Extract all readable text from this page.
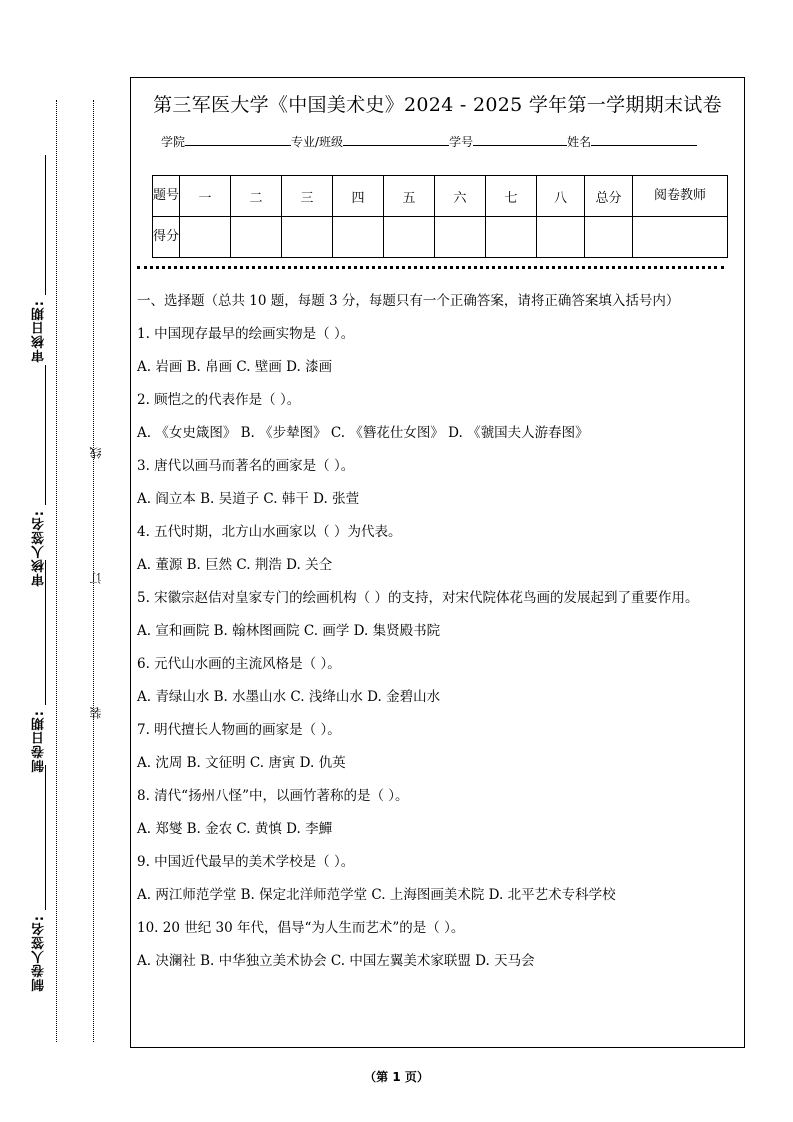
审核日期:
审核人签名:
制卷日期:
制卷人签名:
线
订
装
第三军医大学《中国美术史》2024 - 2025 学年第一学期期末试卷
学院	专业/班级	学号	姓名
题号	一	二	三	四	五	六	七	八	总分	阅卷教师
得分										

一、选择题（总共 10 题，每题 3 分，每题只有一个正确答案，请将正确答案填入括号内）

1. 中国现存最早的绘画实物是（ ）。

A. 岩画 B. 帛画 C. 壁画 D. 漆画

2. 顾恺之的代表作是（ ）。

A. 《女史箴图》 B. 《步辇图》 C. 《簪花仕女图》 D. 《虢国夫人游春图》

3. 唐代以画马而著名的画家是（ ）。

A. 阎立本 B. 吴道子 C. 韩干 D. 张萱

4. 五代时期，北方山水画家以（ ）为代表。

A. 董源 B. 巨然 C. 荆浩 D. 关仝

5. 宋徽宗赵佶对皇家专门的绘画机构（ ）的支持，对宋代院体花鸟画的发展起到了重要作用。

A. 宣和画院 B. 翰林图画院 C. 画学 D. 集贤殿书院

6. 元代山水画的主流风格是（ ）。

A. 青绿山水 B. 水墨山水 C. 浅绛山水 D. 金碧山水

7. 明代擅长人物画的画家是（ ）。

A. 沈周 B. 文征明 C. 唐寅 D. 仇英

8. 清代“扬州八怪”中，以画竹著称的是（ ）。

A. 郑燮 B. 金农 C. 黄慎 D. 李鱓

9. 中国近代最早的美术学校是（ ）。

A. 两江师范学堂 B. 保定北洋师范学堂 C. 上海图画美术院 D. 北平艺术专科学校

10. 20 世纪 30 年代，倡导“为人生而艺术”的是（ ）。

A. 决澜社 B. 中华独立美术协会 C. 中国左翼美术家联盟 D. 天马会

（第 1 页）
